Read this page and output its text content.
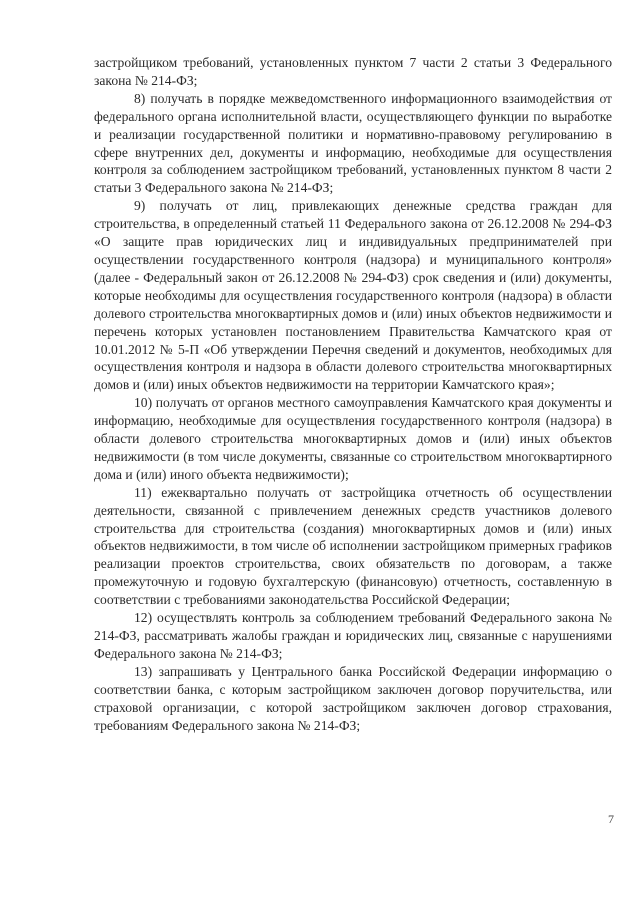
застройщиком требований, установленных пунктом 7 части 2 статьи 3 Федерального закона № 214-ФЗ;

8) получать в порядке межведомственного информационного взаимодействия от федерального органа исполнительной власти, осуществляющего функции по выработке и реализации государственной политики и нормативно-правовому регулированию в сфере внутренних дел, документы и информацию, необходимые для осуществления контроля за соблюдением застройщиком требований, установленных пунктом 8 части 2 статьи 3 Федерального закона № 214-ФЗ;

9) получать от лиц, привлекающих денежные средства граждан для строительства, в определенный статьей 11 Федерального закона от 26.12.2008 № 294-ФЗ «О защите прав юридических лиц и индивидуальных предпринимателей при осуществлении государственного контроля (надзора) и муниципального контроля» (далее - Федеральный закон от 26.12.2008 № 294-ФЗ) срок сведения и (или) документы, которые необходимы для осуществления государственного контроля (надзора) в области долевого строительства многоквартирных домов и (или) иных объектов недвижимости и перечень которых установлен постановлением Правительства Камчатского края от 10.01.2012 № 5-П «Об утверждении Перечня сведений и документов, необходимых для осуществления контроля и надзора в области долевого строительства многоквартирных домов и (или) иных объектов недвижимости на территории Камчатского края»;

10) получать от органов местного самоуправления Камчатского края документы и информацию, необходимые для осуществления государственного контроля (надзора) в области долевого строительства многоквартирных домов и (или) иных объектов недвижимости (в том числе документы, связанные со строительством многоквартирного дома и (или) иного объекта недвижимости);

11) ежеквартально получать от застройщика отчетность об осуществлении деятельности, связанной с привлечением денежных средств участников долевого строительства для строительства (создания) многоквартирных домов и (или) иных объектов недвижимости, в том числе об исполнении застройщиком примерных графиков реализации проектов строительства, своих обязательств по договорам, а также промежуточную и годовую бухгалтерскую (финансовую) отчетность, составленную в соответствии с требованиями законодательства Российской Федерации;

12) осуществлять контроль за соблюдением требований Федерального закона № 214-ФЗ, рассматривать жалобы граждан и юридических лиц, связанные с нарушениями Федерального закона № 214-ФЗ;

13) запрашивать у Центрального банка Российской Федерации информацию о соответствии банка, с которым застройщиком заключен договор поручительства, или страховой организации, с которой застройщиком заключен договор страхования, требованиям Федерального закона № 214-ФЗ;

7
